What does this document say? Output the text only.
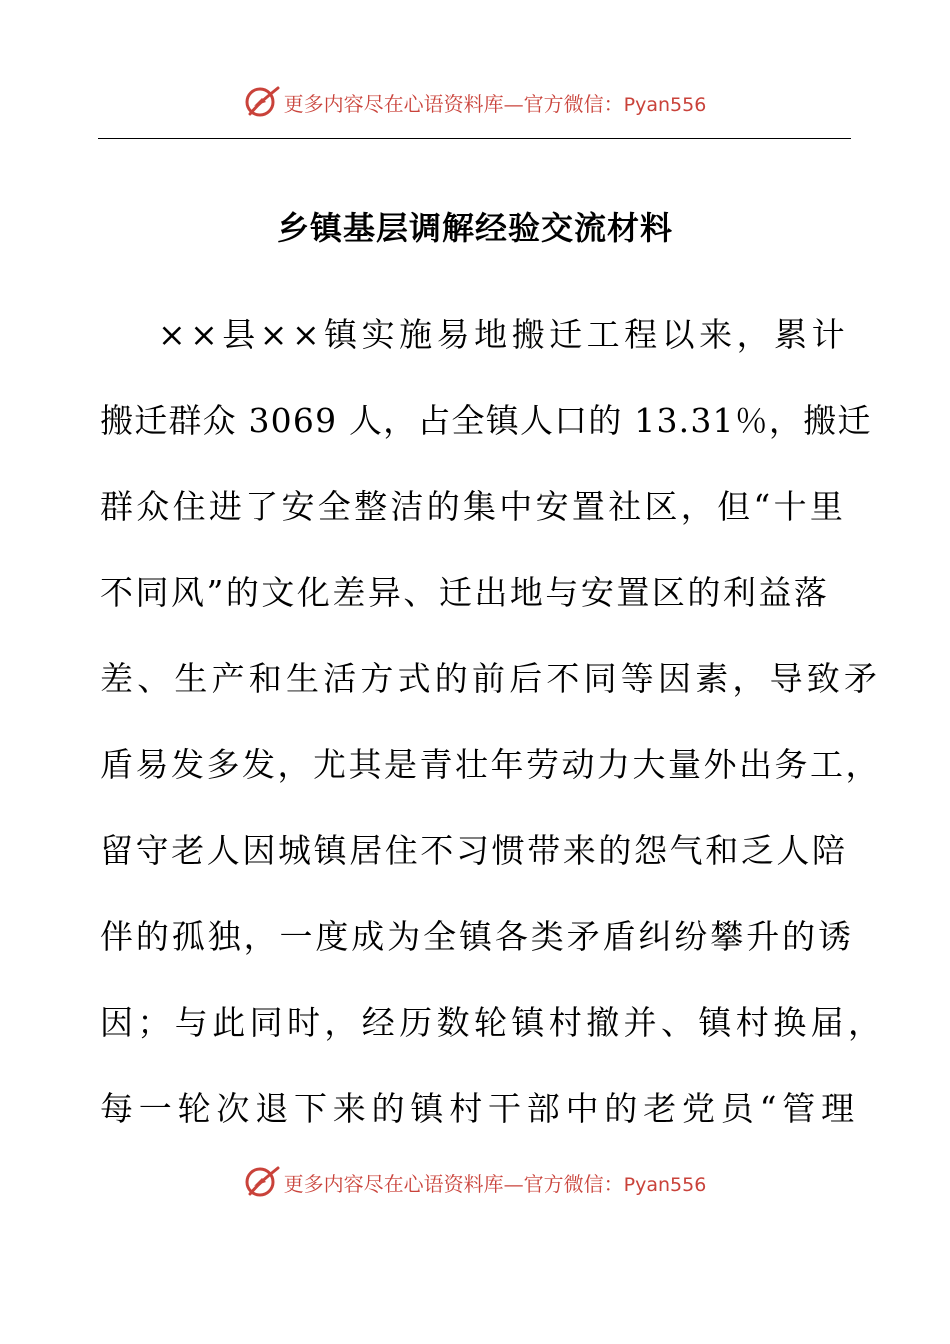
更多内容尽在心语资料库—官方微信：Pyan556
乡镇基层调解经验交流材料
××县××镇实施易地搬迁工程以来，累计
搬迁群众 3069 人，占全镇人口的 13.31％，搬迁
群众住进了安全整洁的集中安置社区，但“十里
不同风”的文化差异、迁出地与安置区的利益落
差、生产和生活方式的前后不同等因素，导致矛
盾易发多发，尤其是青壮年劳动力大量外出务工，
留守老人因城镇居住不习惯带来的怨气和乏人陪
伴的孤独，一度成为全镇各类矛盾纠纷攀升的诱
因；与此同时，经历数轮镇村撤并、镇村换届，
每一轮次退下来的镇村干部中的老党员“管理
更多内容尽在心语资料库—官方微信：Pyan556
